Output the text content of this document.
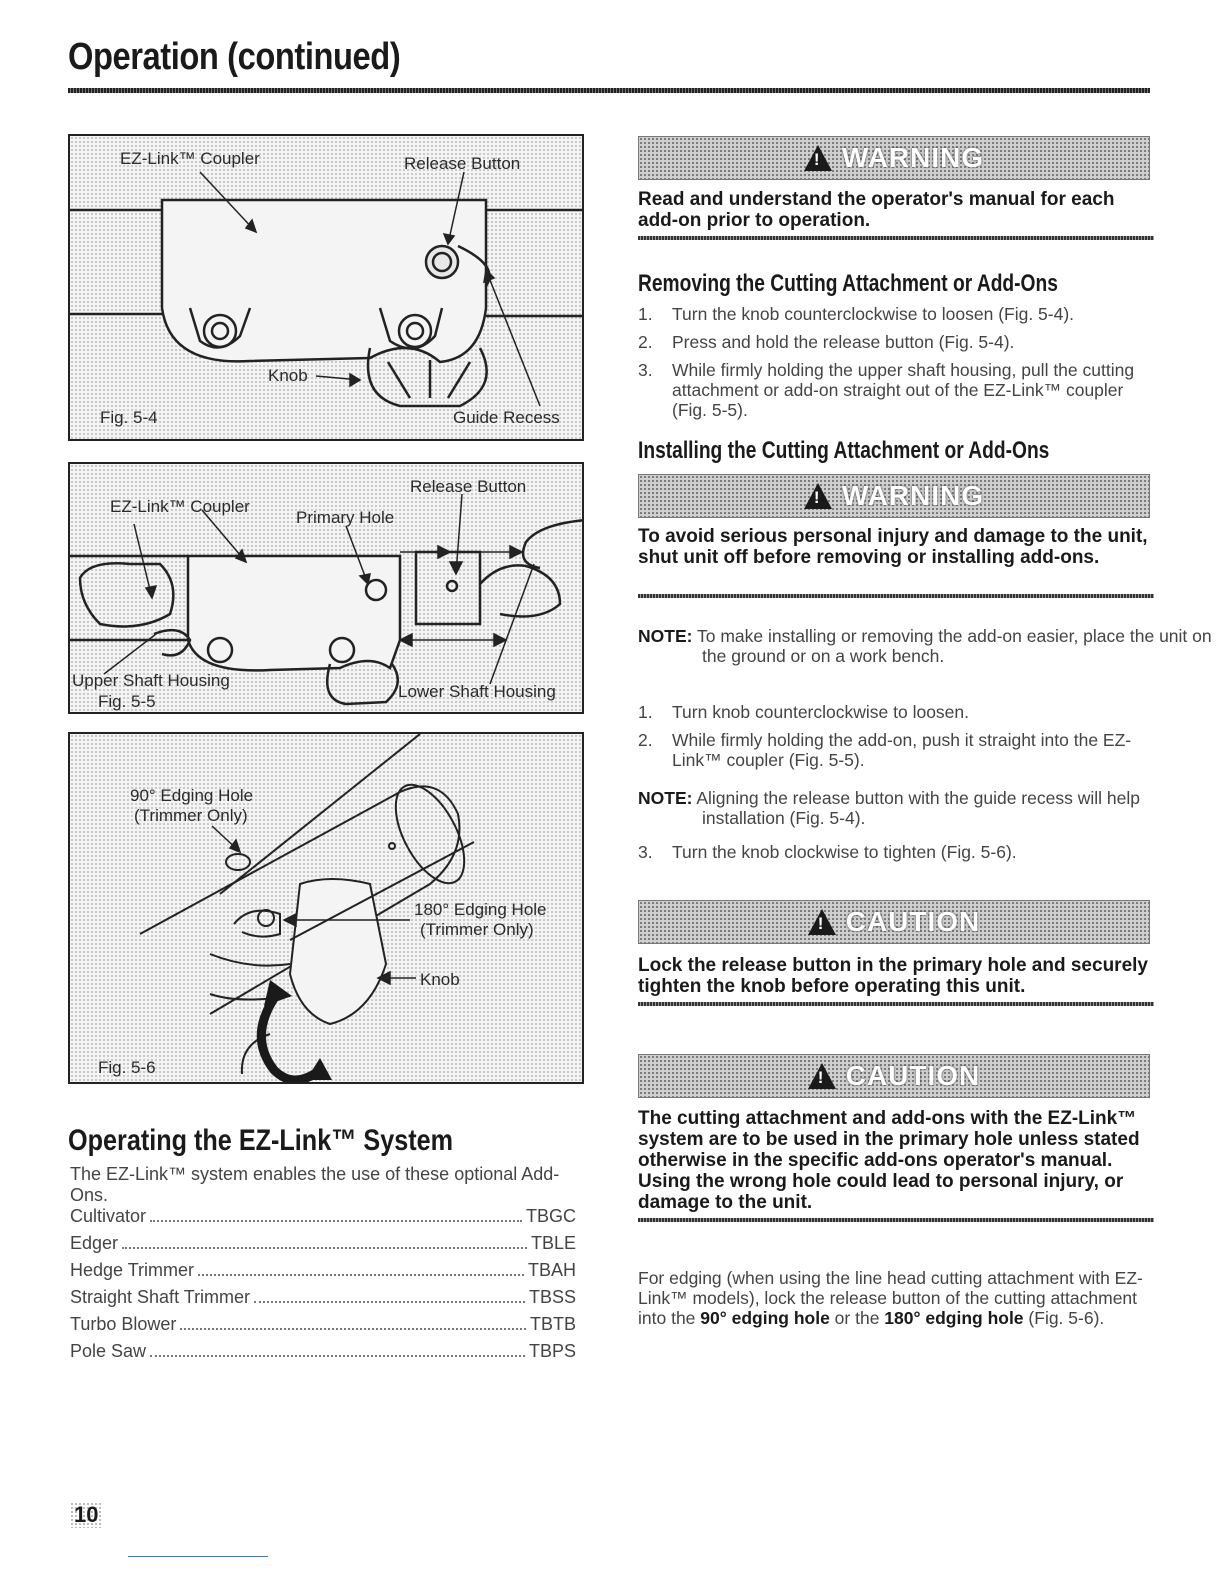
Operation (continued)
EZ-Link™ Coupler	Release Button
Knob
Guide Recess
Fig. 5-4
Release Button
EZ-Link™ Coupler
Primary Hole
Upper Shaft Housing
Lower Shaft Housing
Fig. 5-5
90° Edging Hole
(Trimmer Only)
180° Edging Hole
(Trimmer Only)
Knob
Fig. 5-6
Operating the EZ-Link™ System

The EZ-Link™ system enables the use of these optional Add-Ons.

Cultivator	TBGC
Edger	TBLE
Hedge Trimmer	TBAH
Straight Shaft Trimmer	TBSS
Turbo Blower	TBTB
Pole Saw	TBPS
10
! WARNING

Read and understand the operator's manual for each add-on prior to operation.

Removing the Cutting Attachment or Add-Ons
1.	Turn the knob counterclockwise to loosen (Fig. 5-4).
2.	Press and hold the release button (Fig. 5-4).
3.	While firmly holding the upper shaft housing, pull the cutting attachment or add-on straight out of the EZ-Link™ coupler (Fig. 5-5).
Installing the Cutting Attachment or Add-Ons
! WARNING

To avoid serious personal injury and damage to the unit, shut unit off before removing or installing add-ons.

NOTE: To make installing or removing the add-on easier, place the unit on the ground or on a work bench.

1.	Turn knob counterclockwise to loosen.
2.	While firmly holding the add-on, push it straight into the EZ-Link™ coupler (Fig. 5-5).

NOTE: Aligning the release button with the guide recess will help installation (Fig. 5-4).

3.	Turn the knob clockwise to tighten (Fig. 5-6).
! CAUTION

Lock the release button in the primary hole and securely tighten the knob before operating this unit.

! CAUTION

The cutting attachment and add-ons with the EZ-Link™ system are to be used in the primary hole unless stated otherwise in the specific add-ons operator's manual. Using the wrong hole could lead to personal injury, or damage to the unit.

For edging (when using the line head cutting attachment with EZ-Link™ models), lock the release button of the cutting attachment into the 90° edging hole or the 180° edging hole (Fig. 5-6).
